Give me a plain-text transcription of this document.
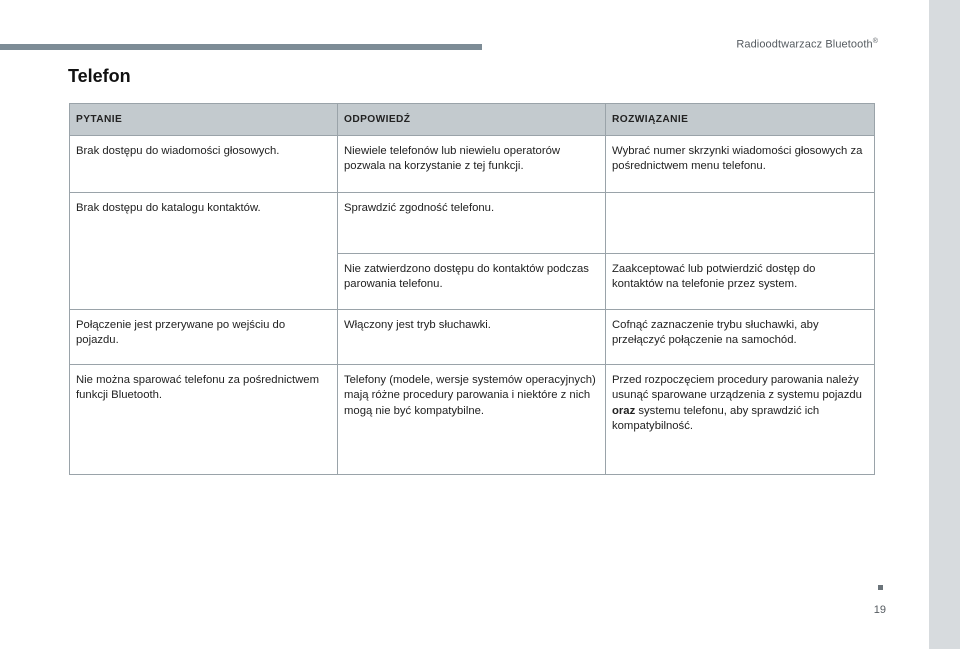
Radioodtwarzacz Bluetooth®
Telefon
PYTANIE	ODPOWIEDŹ	ROZWIĄZANIE
Brak dostępu do wiadomości głosowych.	Niewiele telefonów lub niewielu operatorów pozwala na korzystanie z tej funkcji.	Wybrać numer skrzynki wiadomości głosowych za pośrednictwem menu telefonu.
Brak dostępu do katalogu kontaktów.	Sprawdzić zgodność telefonu.	
	Nie zatwierdzono dostępu do kontaktów podczas parowania telefonu.	Zaakceptować lub potwierdzić dostęp do kontaktów na telefonie przez system.
Połączenie jest przerywane po wejściu do pojazdu.	Włączony jest tryb słuchawki.	Cofnąć zaznaczenie trybu słuchawki, aby przełączyć połączenie na samochód.
Nie można sparować telefonu za pośrednictwem funkcji Bluetooth.	Telefony (modele, wersje systemów operacyjnych) mają różne procedury parowania i niektóre z nich mogą nie być kompatybilne.	Przed rozpoczęciem procedury parowania należy usunąć sparowane urządzenia z systemu pojazdu oraz systemu telefonu, aby sprawdzić ich kompatybilność.
19
